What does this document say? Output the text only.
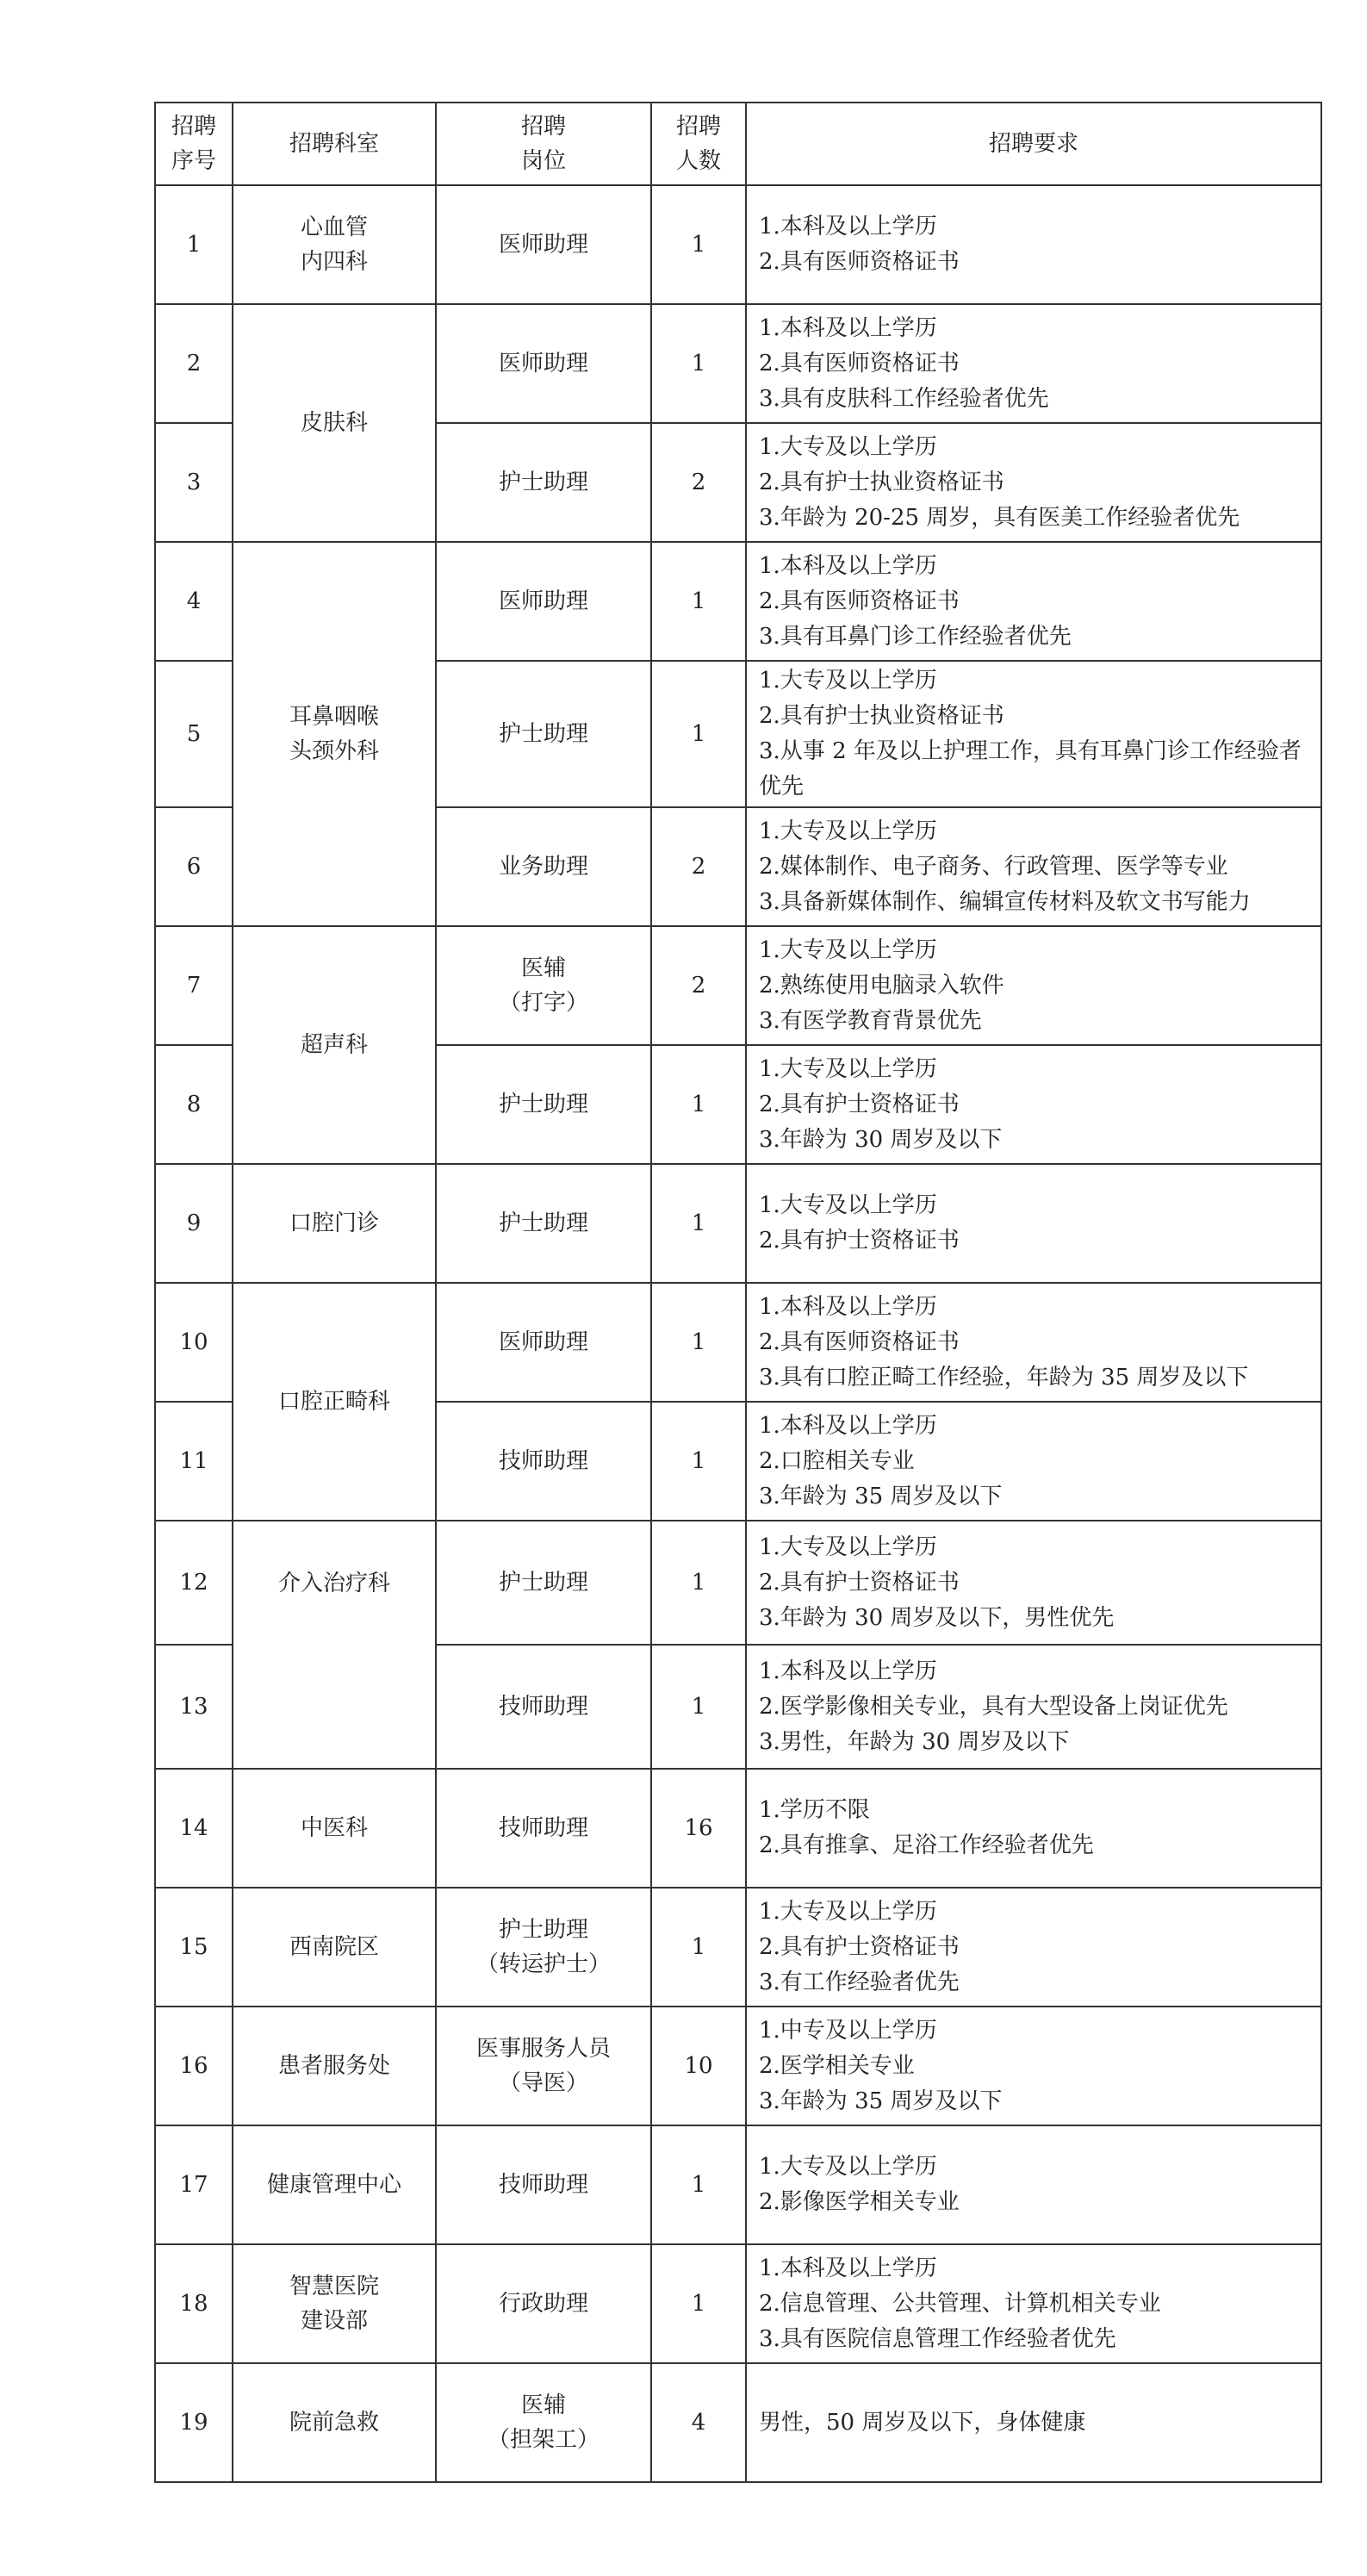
招聘
序号	招聘科室	招聘
岗位	招聘
人数	招聘要求
1	心血管
内四科	医师助理	1	1.本科及以上学历
2.具有医师资格证书

2	皮肤科	医师助理	1	1.本科及以上学历
2.具有医师资格证书
3.具有皮肤科工作经验者优先

3		护士助理	2	1.大专及以上学历
2.具有护士执业资格证书
3.年龄为 20-25 周岁，具有医美工作经验者优先

4	耳鼻咽喉
头颈外科	医师助理	1	1.本科及以上学历
2.具有医师资格证书
3.具有耳鼻门诊工作经验者优先

5		护士助理	1	1.大专及以上学历
2.具有护士执业资格证书
3.从事 2 年及以上护理工作，具有耳鼻门诊工作经验者优先

6		业务助理	2	1.大专及以上学历
2.媒体制作、电子商务、行政管理、医学等专业
3.具备新媒体制作、编辑宣传材料及软文书写能力

7	超声科	医辅
（打字）	2	1.大专及以上学历
2.熟练使用电脑录入软件
3.有医学教育背景优先

8		护士助理	1	1.大专及以上学历
2.具有护士资格证书
3.年龄为 30 周岁及以下

9	口腔门诊	护士助理	1	1.大专及以上学历
2.具有护士资格证书

10	口腔正畸科	医师助理	1	1.本科及以上学历
2.具有医师资格证书
3.具有口腔正畸工作经验，年龄为 35 周岁及以下

11		技师助理	1	1.本科及以上学历
2.口腔相关专业
3.年龄为 35 周岁及以下

12	介入治疗科	护士助理	1	1.大专及以上学历
2.具有护士资格证书
3.年龄为 30 周岁及以下，男性优先

13		技师助理	1	1.本科及以上学历
2.医学影像相关专业，具有大型设备上岗证优先
3.男性，年龄为 30 周岁及以下

14	中医科	技师助理	16	1.学历不限
2.具有推拿、足浴工作经验者优先

15	西南院区	护士助理
（转运护士）	1	1.大专及以上学历
2.具有护士资格证书
3.有工作经验者优先

16	患者服务处	医事服务人员
（导医）	10	1.中专及以上学历
2.医学相关专业
3.年龄为 35 周岁及以下

17	健康管理中心	技师助理	1	1.大专及以上学历
2.影像医学相关专业

18	智慧医院
建设部	行政助理	1	1.本科及以上学历
2.信息管理、公共管理、计算机相关专业
3.具有医院信息管理工作经验者优先

19	院前急救	医辅
（担架工）	4	男性，50 周岁及以下，身体健康
